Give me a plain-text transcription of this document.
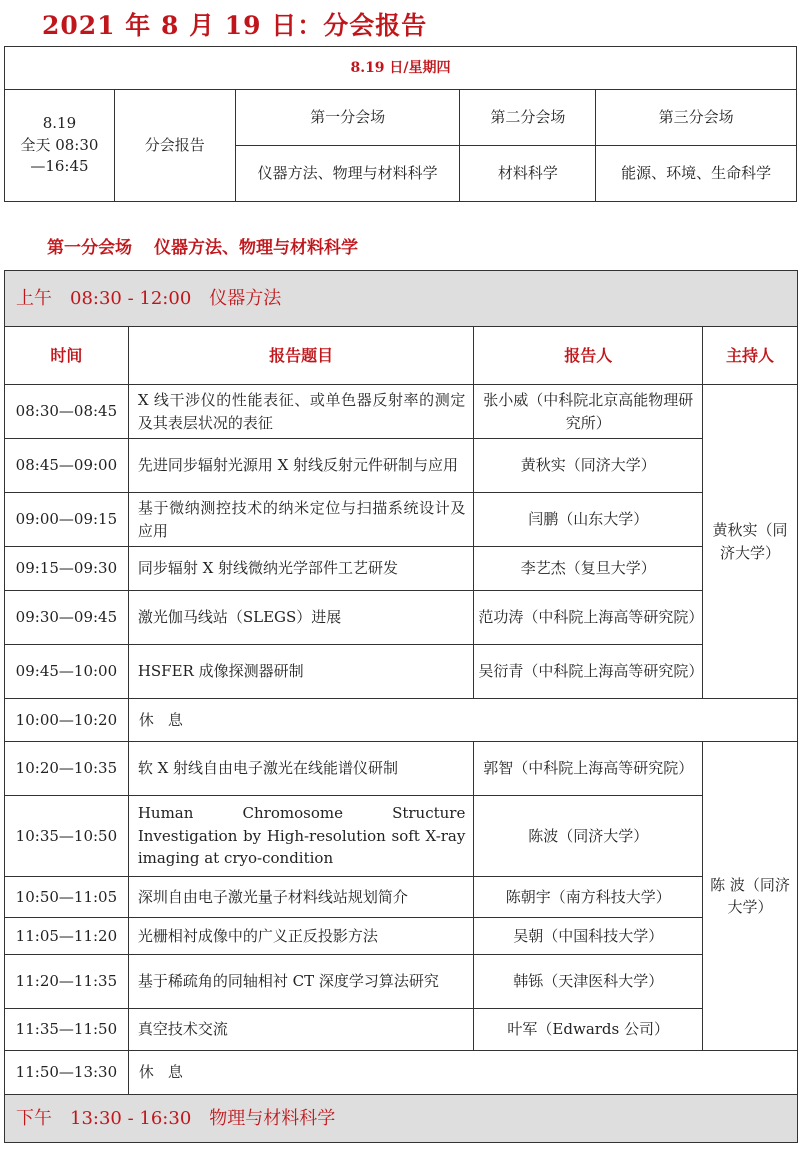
2021 年 8 月 19 日：分会报告
8.19 日/星期四				

8.19
全天 08:30
—16:45	分会报告	第一分会场	第二分会场	第三分会场
		仪器方法、物理与材料科学	材料科学	能源、环境、生命科学
第一分会场 仪器方法、物理与材料科学
上午 08:30 - 12:00 仪器方法			
时间	报告题目	报告人	主持人
08:30—08:45	X 线干涉仪的性能表征、或单色器反射率的测定及其表层状况的表征	张小威（中科院北京高能物理研究所）	黄秋实（同济大学）
08:45—09:00	先进同步辐射光源用 X 射线反射元件研制与应用	黄秋实（同济大学）	
09:00—09:15	基于微纳测控技术的纳米定位与扫描系统设计及应用	闫鹏（山东大学）	
09:15—09:30	同步辐射 X 射线微纳光学部件工艺研发	李艺杰（复旦大学）	
09:30—09:45	激光伽马线站（SLEGS）进展	范功涛（中科院上海高等研究院）	
09:45—10:00	HSFER 成像探测器研制	吴衍青（中科院上海高等研究院）	
10:00—10:20	休息		
10:20—10:35	软 X 射线自由电子激光在线能谱仪研制	郭智（中科院上海高等研究院）	陈 波（同济大学）
10:35—10:50	Human Chromosome Structure Investigation by High-resolution soft X-ray imaging at cryo-condition	陈波（同济大学）	
10:50—11:05	深圳自由电子激光量子材料线站规划简介	陈朝宇（南方科技大学）	
11:05—11:20	光栅相衬成像中的广义正反投影方法	吴朝（中国科技大学）	
11:20—11:35	基于稀疏角的同轴相衬 CT 深度学习算法研究	韩铄（天津医科大学）	
11:35—11:50	真空技术交流	叶军（Edwards 公司）	
11:50—13:30	休息		
下午 13:30 - 16:30 物理与材料科学			
